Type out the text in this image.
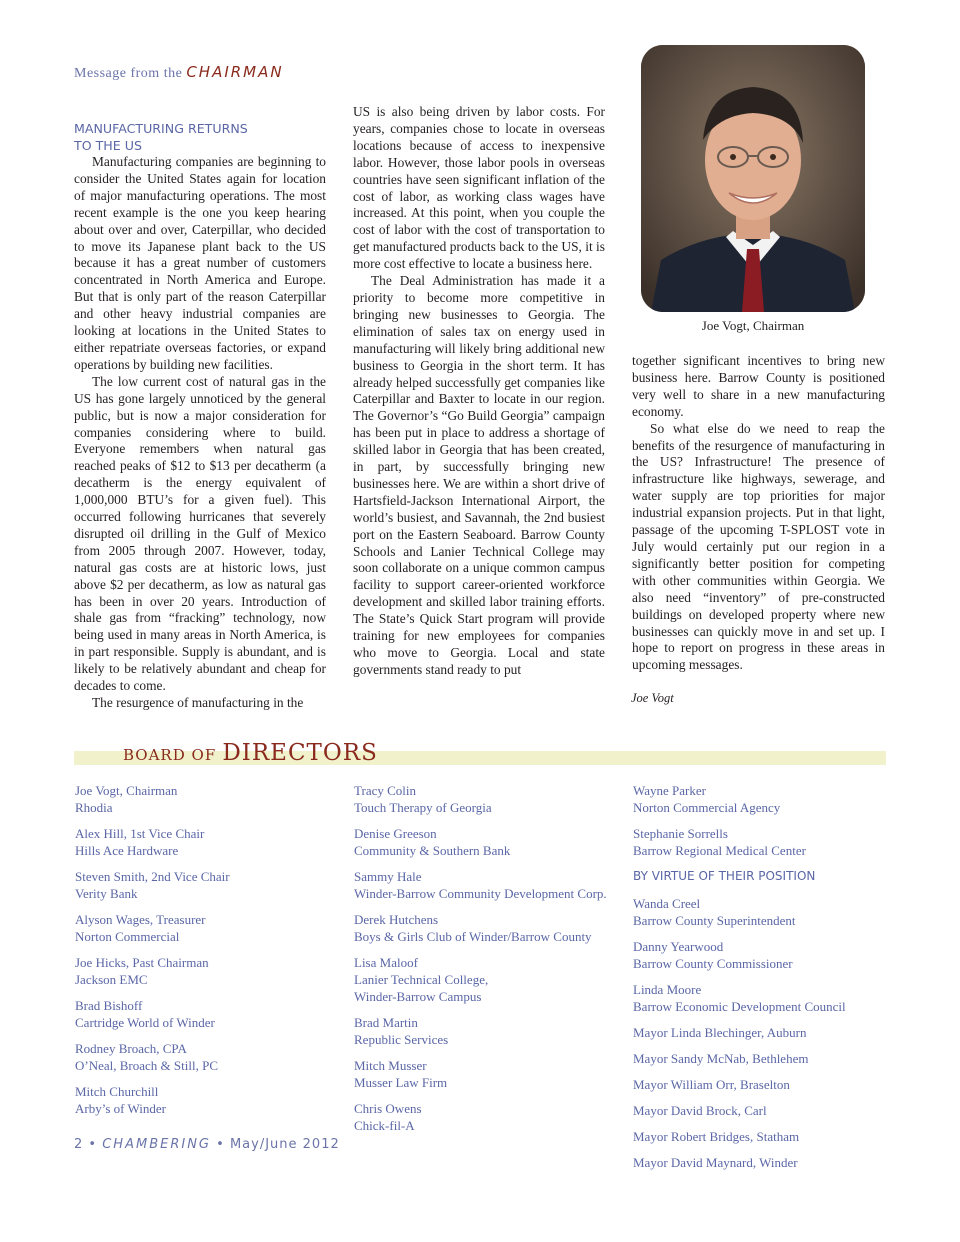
Message from the CHAIRMAN
MANUFACTURING RETURNS
TO THE US

Manufacturing companies are beginning to consider the United States again for location of major manufacturing operations. The most recent example is the one you keep hearing about over and over, Caterpillar, who decided to move its Japanese plant back to the US because it has a great number of customers concentrated in North America and Europe. But that is only part of the reason Caterpillar and other heavy industrial companies are looking at locations in the United States to either repatriate overseas factories, or expand operations by building new facilities.

The low current cost of natural gas in the US has gone largely unnoticed by the general public, but is now a major consideration for companies considering where to build. Everyone remembers when natural gas reached peaks of $12 to $13 per decatherm (a decatherm is the energy equivalent of 1,000,000 BTU’s for a given fuel). This occurred following hurricanes that severely disrupted oil drilling in the Gulf of Mexico from 2005 through 2007. However, today, natural gas costs are at historic lows, just above $2 per decatherm, as low as natural gas has been in over 20 years. Introduction of shale gas from “fracking” technology, now being used in many areas in North America, is in part responsible. Supply is abundant, and is likely to be relatively abundant and cheap for decades to come.

The resurgence of manufacturing in the

US is also being driven by labor costs. For years, companies chose to locate in overseas locations because of access to inexpensive labor. However, those labor pools in overseas countries have seen significant inflation of the cost of labor, as working class wages have increased. At this point, when you couple the cost of labor with the cost of transportation to get manufactured products back to the US, it is more cost effective to locate a business here.

The Deal Administration has made it a priority to become more competitive in bringing new businesses to Georgia. The elimination of sales tax on energy used in manufacturing will likely bring additional new business to Georgia in the short term. It has already helped successfully get companies like Caterpillar and Baxter to locate in our region. The Governor’s “Go Build Georgia” campaign has been put in place to address a shortage of skilled labor in Georgia that has been created, in part, by successfully bringing new businesses here. We are within a short drive of Hartsfield-Jackson International Airport, the world’s busiest, and Savannah, the 2nd busiest port on the Eastern Seaboard. Barrow County Schools and Lanier Technical College may soon collaborate on a unique common campus facility to support career-oriented workforce development and skilled labor training efforts. The State’s Quick Start program will provide training for new employees for companies who move to Georgia. Local and state governments stand ready to put

Joe Vogt, Chairman

together significant incentives to bring new business here. Barrow County is positioned very well to share in a new manufacturing economy.

So what else do we need to reap the benefits of the resurgence of manufacturing in the US? Infrastructure! The presence of infrastructure like highways, sewerage, and water supply are top priorities for major industrial expansion projects. Put in that light, passage of the upcoming T-SPLOST vote in July would certainly put our region in a significantly better position for competing with other communities within Georgia. We also need “inventory” of pre-constructed buildings on developed property where new businesses can quickly move in and set up. I hope to report on progress in these areas in upcoming messages.

Joe Vogt
BOARD OF DIRECTORS
Joe Vogt, Chairman
Rhodia
Alex Hill, 1st Vice Chair
Hills Ace Hardware
Steven Smith, 2nd Vice Chair
Verity Bank
Alyson Wages, Treasurer
Norton Commercial
Joe Hicks, Past Chairman
Jackson EMC
Brad Bishoff
Cartridge World of Winder
Rodney Broach, CPA
O’Neal, Broach & Still, PC
Mitch Churchill
Arby’s of Winder
Tracy Colin
Touch Therapy of Georgia
Denise Greeson
Community & Southern Bank
Sammy Hale
Winder-Barrow Community Development Corp.
Derek Hutchens
Boys & Girls Club of Winder/Barrow County
Lisa Maloof
Lanier Technical College,
Winder-Barrow Campus
Brad Martin
Republic Services
Mitch Musser
Musser Law Firm
Chris Owens
Chick-fil-A
Wayne Parker
Norton Commercial Agency
Stephanie Sorrells
Barrow Regional Medical Center
BY VIRTUE OF THEIR POSITION
Wanda Creel
Barrow County Superintendent
Danny Yearwood
Barrow County Commissioner
Linda Moore
Barrow Economic Development Council
Mayor Linda Blechinger, Auburn
Mayor Sandy McNab, Bethlehem
Mayor William Orr, Braselton
Mayor David Brock, Carl
Mayor Robert Bridges, Statham
Mayor David Maynard, Winder
2 • CHAMBERING • May/June 2012
